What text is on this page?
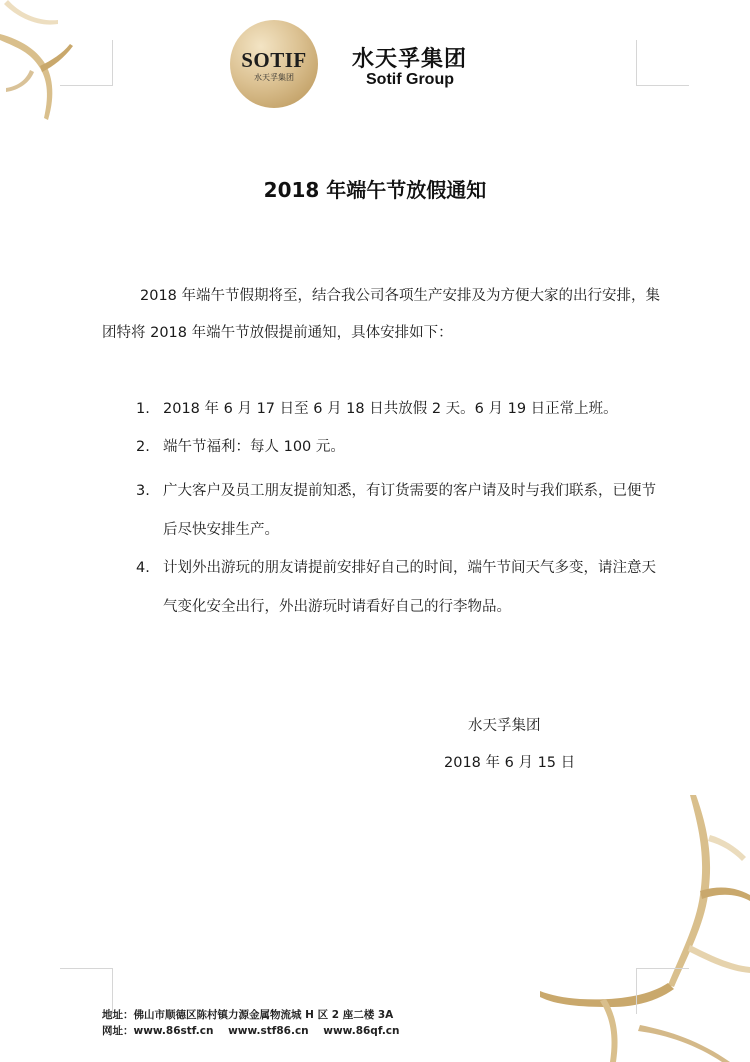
SOTIF
水天孚集团
水天孚集团
Sotif Group
2018 年端午节放假通知
2018 年端午节假期将至，结合我公司各项生产安排及为方便大家的出行安排，集团特将 2018 年端午节放假提前通知，具体安排如下：
1. 2018 年 6 月 17 日至 6 月 18 日共放假 2 天。6 月 19 日正常上班。
2. 端午节福利：每人 100 元。
3. 广大客户及员工朋友提前知悉，有订货需要的客户请及时与我们联系，已便节后尽快安排生产。
4. 计划外出游玩的朋友请提前安排好自己的时间，端午节间天气多变，请注意天气变化安全出行，外出游玩时请看好自己的行李物品。
水天孚集团
2018 年 6 月 15 日
地址：佛山市顺德区陈村镇力源金属物流城 H 区 2 座二楼 3A
网址：www.86stf.cn    www.stf86.cn    www.86qf.cn
